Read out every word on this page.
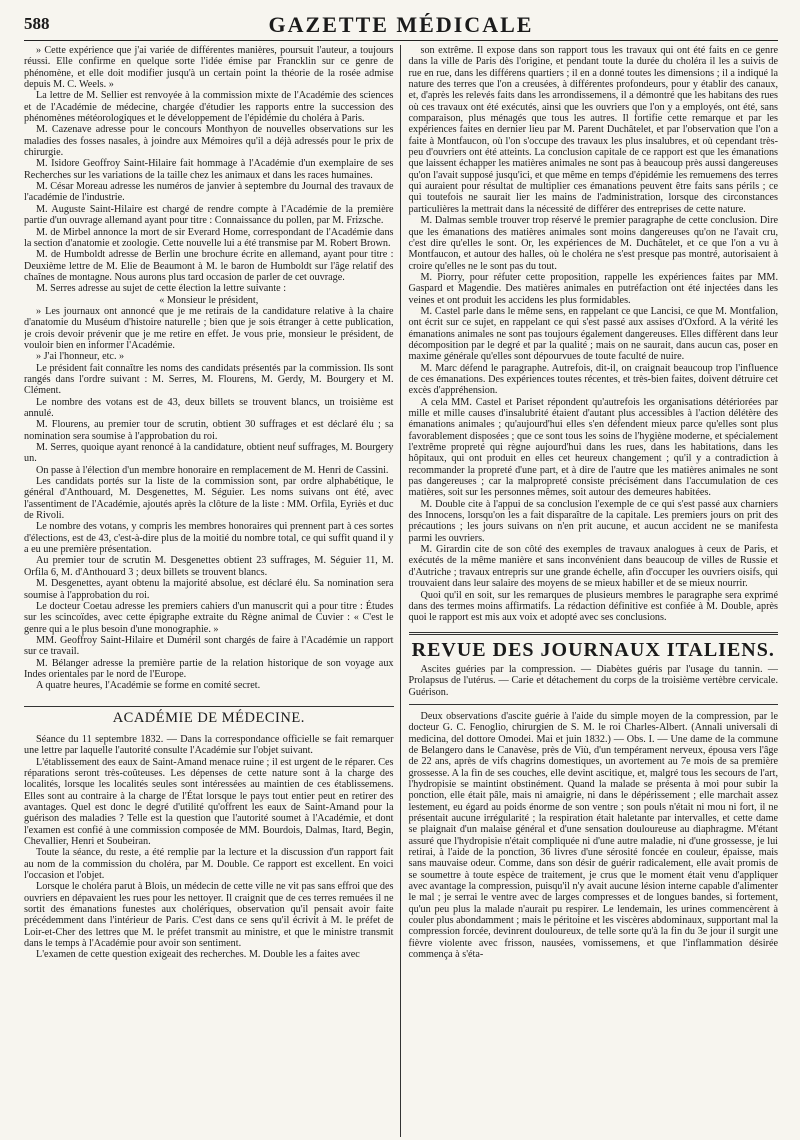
588	GAZETTE MÉDICALE

» Cette expérience que j'ai variée de différentes manières, poursuit l'auteur, a toujours réussi. Elle confirme en quelque sorte l'idée émise par Francklin sur ce genre de phénomène, et elle doit modifier jusqu'à un certain point la théorie de la rosée admise depuis M. C. Weels. »

La lettre de M. Sellier est renvoyée à la commission mixte de l'Académie des sciences et de l'Académie de médecine, chargée d'étudier les rapports entre la succession des phénomènes météorologiques et le développement de l'épidémie du choléra à Paris.

M. Cazenave adresse pour le concours Monthyon de nouvelles observations sur les maladies des fosses nasales, à joindre aux Mémoires qu'il a déjà adressés pour le prix de chirurgie.

M. Isidore Geoffroy Saint-Hilaire fait hommage à l'Académie d'un exemplaire de ses Recherches sur les variations de la taille chez les animaux et dans les races humaines.

M. César Moreau adresse les numéros de janvier à septembre du Journal des travaux de l'académie de l'industrie.

M. Auguste Saint-Hilaire est chargé de rendre compte à l'Académie de la première partie d'un ouvrage allemand ayant pour titre : Connaissance du pollen, par M. Frizsche.

M. de Mirbel annonce la mort de sir Everard Home, correspondant de l'Académie dans la section d'anatomie et zoologie. Cette nouvelle lui a été transmise par M. Robert Brown.

M. de Humboldt adresse de Berlin une brochure écrite en allemand, ayant pour titre : Deuxième lettre de M. Elie de Beaumont à M. le baron de Humboldt sur l'âge relatif des chaînes de montagne. Nous aurons plus tard occasion de parler de cet ouvrage.

M. Serres adresse au sujet de cette élection la lettre suivante :

« Monsieur le président,

» Les journaux ont annoncé que je me retirais de la candidature relative à la chaire d'anatomie du Muséum d'histoire naturelle ; bien que je sois étranger à cette publication, je crois devoir prévenir que je me retire en effet. Je vous prie, monsieur le président, de vouloir bien en informer l'Académie.

» J'ai l'honneur, etc. »

Le président fait connaître les noms des candidats présentés par la commission. Ils sont rangés dans l'ordre suivant : M. Serres, M. Flourens, M. Gerdy, M. Bourgery et M. Clément.

Le nombre des votans est de 43, deux billets se trouvent blancs, un troisième est annulé.

M. Flourens, au premier tour de scrutin, obtient 30 suffrages et est déclaré élu ; sa nomination sera soumise à l'approbation du roi.

M. Serres, quoique ayant renoncé à la candidature, obtient neuf suffrages, M. Bourgery un.

On passe à l'élection d'un membre honoraire en remplacement de M. Henri de Cassini.

Les candidats portés sur la liste de la commission sont, par ordre alphabétique, le général d'Anthouard, M. Desgenettes, M. Séguier. Les noms suivans ont été, avec l'assentiment de l'Académie, ajoutés après la clôture de la liste : MM. Orfila, Eyriès et duc de Rivoli.

Le nombre des votans, y compris les membres honoraires qui prennent part à ces sortes d'élections, est de 43, c'est-à-dire plus de la moitié du nombre total, ce qui suffit quand il y a eu une première présentation.

Au premier tour de scrutin M. Desgenettes obtient 23 suffrages, M. Séguier 11, M. Orfila 6, M. d'Anthouard 3 ; deux billets se trouvent blancs.

M. Desgenettes, ayant obtenu la majorité absolue, est déclaré élu. Sa nomination sera soumise à l'approbation du roi.

Le docteur Coetau adresse les premiers cahiers d'un manuscrit qui a pour titre : Études sur les scincoïdes, avec cette épigraphe extraite du Règne animal de Cuvier : « C'est le genre qui a le plus besoin d'une monographie. »

MM. Geoffroy Saint-Hilaire et Duméril sont chargés de faire à l'Académie un rapport sur ce travail.

M. Bélanger adresse la première partie de la relation historique de son voyage aux Indes orientales par le nord de l'Europe.

A quatre heures, l'Académie se forme en comité secret.

ACADÉMIE DE MÉDECINE.

Séance du 11 septembre 1832. — Dans la correspondance officielle se fait remarquer une lettre par laquelle l'autorité consulte l'Académie sur l'objet suivant.

L'établissement des eaux de Saint-Amand menace ruine ; il est urgent de le réparer. Ces réparations seront très-coûteuses. Les dépenses de cette nature sont à la charge des localités, lorsque les localités seules sont intéressées au maintien de ces établissemens. Elles sont au contraire à la charge de l'État lorsque le pays tout entier peut en retirer des avantages. Quel est donc le degré d'utilité qu'offrent les eaux de Saint-Amand pour la guérison des maladies ? Telle est la question que l'autorité soumet à l'Académie, et dont l'examen est confié à une commission composée de MM. Bourdois, Dalmas, Itard, Begin, Chevallier, Henri et Soubeiran.

Toute la séance, du reste, a été remplie par la lecture et la discussion d'un rapport fait au nom de la commission du choléra, par M. Double. Ce rapport est excellent. En voici l'occasion et l'objet.

Lorsque le choléra parut à Blois, un médecin de cette ville ne vit pas sans effroi que des ouvriers en dépavaient les rues pour les nettoyer. Il craignit que de ces terres remuées il ne sortit des émanations funestes aux cholériques, observation qu'il pensait avoir faite précédemment dans l'intérieur de Paris. C'est dans ce sens qu'il écrivit à M. le préfet de Loir-et-Cher des lettres que M. le préfet transmit au ministre, et que le ministre transmit dans le temps à l'Académie pour avoir son sentiment.

L'examen de cette question exigeait des recherches. M. Double les a faites avec

son extrême. Il expose dans son rapport tous les travaux qui ont été faits en ce genre dans la ville de Paris dès l'origine, et pendant toute la durée du choléra il les a suivis de rue en rue, dans les différens quartiers ; il en a donné toutes les dimensions ; il a indiqué la nature des terres que l'on a creusées, à différentes profondeurs, pour y établir des canaux, et, d'après les relevés faits dans les arrondissemens, il a démontré que les habitans des rues où ces travaux ont été exécutés, ainsi que les ouvriers que l'on y a employés, ont été, sans comparaison, plus ménagés que tous les autres. Il fortifie cette remarque et par les expériences faites en dernier lieu par M. Parent Duchâtelet, et par l'observation que l'on a faite à Montfaucon, où l'on s'occupe des travaux les plus insalubres, et où cependant très-peu d'ouvriers ont été atteints. La conclusion capitale de ce rapport est que les émanations que laissent échapper les matières animales ne sont pas à beaucoup près aussi dangereuses qu'on l'avait supposé jusqu'ici, et que même en temps d'épidémie les remuemens des terres qui auraient pour résultat de multiplier ces émanations peuvent être faits sans périls ; ce qui toutefois ne saurait lier les mains de l'administration, lorsque des circonstances particulières la mettrait dans la nécessité de différer des entreprises de cette nature.

M. Dalmas semble trouver trop réservé le premier paragraphe de cette conclusion. Dire que les émanations des matières animales sont moins dangereuses qu'on ne l'avait cru, c'est dire qu'elles le sont. Or, les expériences de M. Duchâtelet, et ce que l'on a vu à Montfaucon, et autour des halles, où le choléra ne s'est presque pas montré, autorisaient à croire qu'elles ne le sont pas du tout.

M. Piorry, pour réfuter cette proposition, rappelle les expériences faites par MM. Gaspard et Magendie. Des matières animales en putréfaction ont été injectées dans les veines et ont produit les accidens les plus formidables.

M. Castel parle dans le même sens, en rappelant ce que Lancisi, ce que M. Montfalion, ont écrit sur ce sujet, en rappelant ce qui s'est passé aux assises d'Oxford. A la vérité les émanations animales ne sont pas toujours également dangereuses. Elles diffèrent dans leur décomposition par le degré et par la qualité ; mais on ne saurait, dans aucun cas, poser en maxime générale qu'elles sont dépourvues de toute faculté de nuire.

M. Marc défend le paragraphe. Autrefois, dit-il, on craignait beaucoup trop l'influence de ces émanations. Des expériences toutes récentes, et très-bien faites, doivent détruire cet excès d'appréhension.

A cela MM. Castel et Pariset répondent qu'autrefois les organisations détériorées par mille et mille causes d'insalubrité étaient d'autant plus accessibles à l'action délétère des émanations animales ; qu'aujourd'hui elles s'en défendent mieux parce qu'elles sont plus favorablement disposées ; que ce sont tous les soins de l'hygiène moderne, et spécialement l'extrême propreté qui règne aujourd'hui dans les rues, dans les habitations, dans les hôpitaux, qui ont produit en elles cet heureux changement ; qu'il y a contradiction à recommander la propreté d'une part, et à dire de l'autre que les matières animales ne sont pas dangereuses ; car la malpropreté consiste précisément dans l'accumulation de ces matières, soit sur les personnes mêmes, soit autour des demeures habitées.

M. Double cite à l'appui de sa conclusion l'exemple de ce qui s'est passé aux charniers des Innocens, lorsqu'on les a fait disparaître de la capitale. Les premiers jours on prit des précautions ; les jours suivans on n'en prit aucune, et aucun accident ne se manifesta parmi les ouvriers.

M. Girardin cite de son côté des exemples de travaux analogues à ceux de Paris, et exécutés de la même manière et sans inconvénient dans beaucoup de villes de Russie et d'Autriche ; travaux entrepris sur une grande échelle, afin d'occuper les ouvriers oisifs, qui trouvaient dans leur salaire des moyens de se mieux habiller et de se mieux nourrir.

Quoi qu'il en soit, sur les remarques de plusieurs membres le paragraphe sera exprimé dans des termes moins affirmatifs. La rédaction définitive est confiée à M. Double, après quoi le rapport est mis aux voix et adopté avec ses conclusions.

REVUE DES JOURNAUX ITALIENS.
Ascites guéries par la compression. — Diabètes guéris par l'usage du tannin. — Prolapsus de l'utérus. — Carie et détachement du corps de la troisième vertèbre cervicale. Guérison.

Deux observations d'ascite guérie à l'aide du simple moyen de la compression, par le docteur G. C. Fenoglio, chirurgien de S. M. le roi Charles-Albert. (Annali universali di medicina, del dottore Omodei. Mai et juin 1832.) — Obs. I. — Une dame de la commune de Belangero dans le Canavèse, près de Viù, d'un tempérament nerveux, épousa vers l'âge de 22 ans, après de vifs chagrins domestiques, un avortement au 7e mois de sa première grossesse. A la fin de ses couches, elle devint ascitique, et, malgré tous les secours de l'art, l'hydropisie se maintint obstinément. Quand la malade se présenta à moi pour subir la ponction, elle était pâle, mais ni amaigrie, ni dans le dépérissement ; elle marchait assez lestement, eu égard au poids énorme de son ventre ; son pouls n'était ni mou ni fort, il ne présentait aucune irrégularité ; la respiration était haletante par intervalles, et cette dame se plaignait d'un malaise général et d'une sensation douloureuse au diaphragme. M'étant assuré que l'hydropisie n'était compliquée ni d'une autre maladie, ni d'une grossesse, je lui retirai, à l'aide de la ponction, 36 livres d'une sérosité foncée en couleur, épaisse, mais sans mauvaise odeur. Comme, dans son désir de guérir radicalement, elle avait promis de se soumettre à toute espèce de traitement, je crus que le moment était venu d'appliquer avec avantage la compression, puisqu'il n'y avait aucune lésion interne capable d'alimenter le mal ; je serrai le ventre avec de larges compresses et de longues bandes, si fortement, qu'un peu plus la malade n'aurait pu respirer. Le lendemain, les urines commencèrent à couler plus abondamment ; mais le péritoine et les viscères abdominaux, supportant mal la compression forcée, devinrent douloureux, de telle sorte qu'à la fin du 3e jour il surgit une fièvre violente avec frisson, nausées, vomissemens, et que l'inflammation désirée commença à s'éta-
